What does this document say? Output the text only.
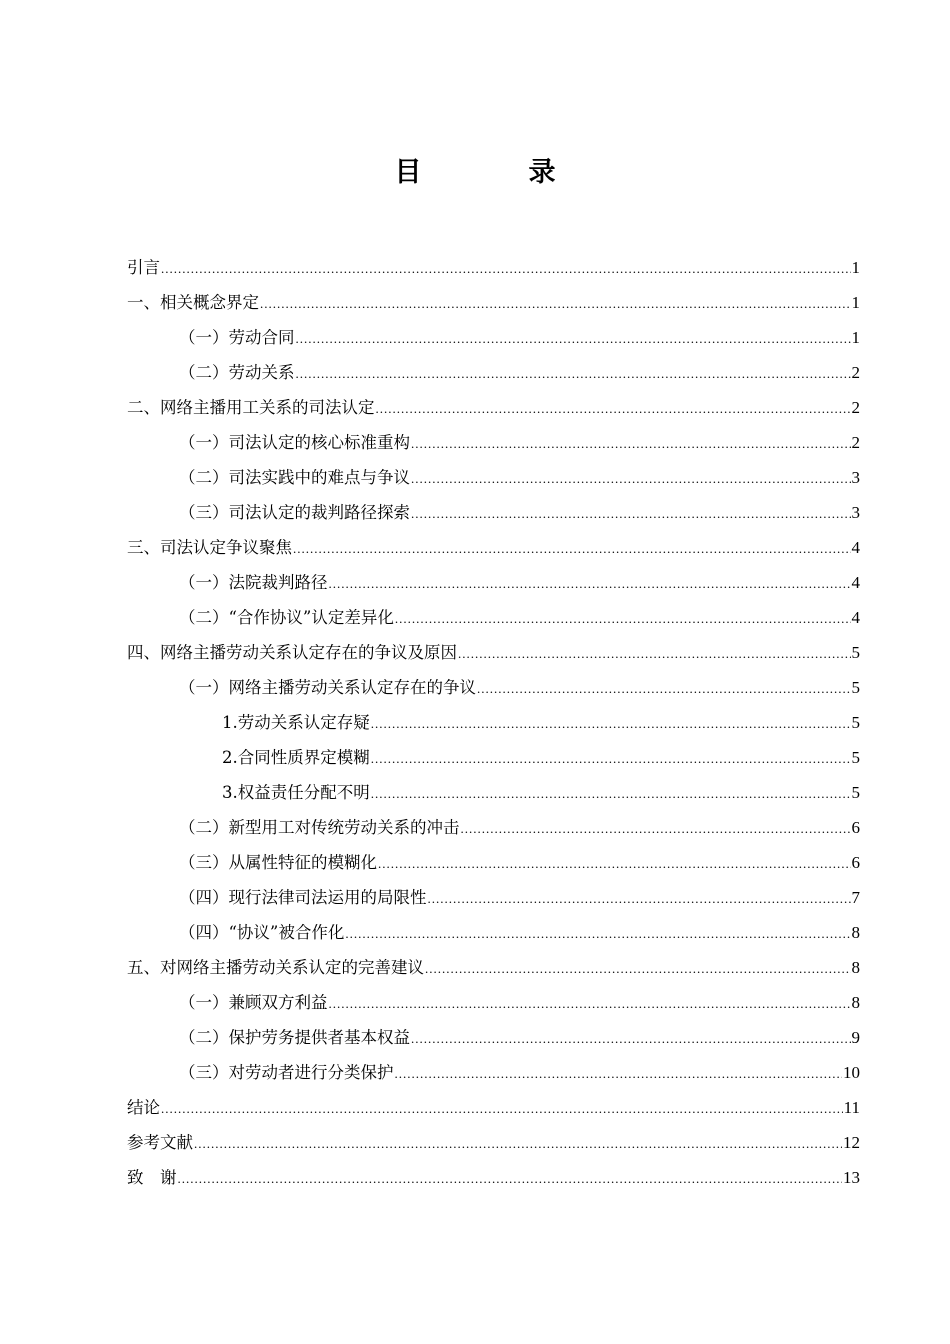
目　录
引言 .....	1
一、相关概念界定 .....	1
（一）劳动合同 .....	1
（二）劳动关系 .....	2
二、网络主播用工关系的司法认定 .....	2
（一）司法认定的核心标准重构 .....	2
（二）司法实践中的难点与争议 .....	3
（三）司法认定的裁判路径探索 .....	3
三、司法认定争议聚焦 .....	4
（一）法院裁判路径 .....	4
（二）“合作协议”认定差异化 .....	4
四、网络主播劳动关系认定存在的争议及原因 .....	5
（一）网络主播劳动关系认定存在的争议 .....	5
1.劳动关系认定存疑 .....	5
2.合同性质界定模糊 .....	5
3.权益责任分配不明 .....	5
（二）新型用工对传统劳动关系的冲击 .....	6
（三）从属性特征的模糊化 .....	6
（四）现行法律司法运用的局限性 .....	7
（四）“协议”被合作化 .....	8
五、对网络主播劳动关系认定的完善建议 .....	8
（一）兼顾双方利益 .....	8
（二）保护劳务提供者基本权益 .....	9
（三）对劳动者进行分类保护 .....	10
结论 .....	11
参考文献 .....	12
致　谢 .....	13
